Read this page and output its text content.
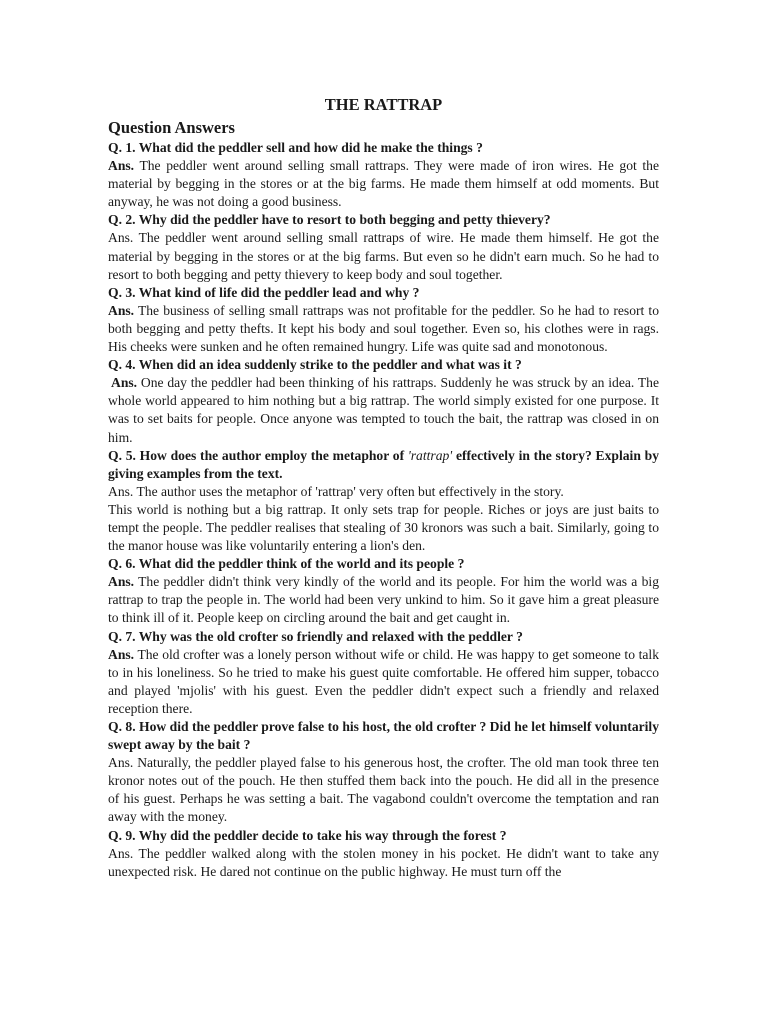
THE RATTRAP
Question Answers

Q. 1. What did the peddler sell and how did he make the things ?

Ans. The peddler went around selling small rattraps. They were made of iron wires. He got the material by begging in the stores or at the big farms. He made them himself at odd moments. But anyway, he was not doing a good business.

Q. 2. Why did the peddler have to resort to both begging and petty thievery?

Ans. The peddler went around selling small rattraps of wire. He made them himself. He got the material by begging in the stores or at the big farms. But even so he didn't earn much. So he had to resort to both begging and petty thievery to keep body and soul together.

Q. 3. What kind of life did the peddler lead and why ?

Ans. The business of selling small rattraps was not profitable for the peddler. So he had to resort to both begging and petty thefts. It kept his body and soul together. Even so, his clothes were in rags. His cheeks were sunken and he often remained hungry. Life was quite sad and monotonous.

Q. 4. When did an idea suddenly strike to the peddler and what was it ?

Ans. One day the peddler had been thinking of his rattraps. Suddenly he was struck by an idea. The whole world appeared to him nothing but a big rattrap. The world simply existed for one purpose. It was to set baits for people. Once anyone was tempted to touch the bait, the rattrap was closed in on him.

Q. 5. How does the author employ the metaphor of 'rattrap' effectively in the story? Explain by giving examples from the text.

Ans. The author uses the metaphor of 'rattrap' very often but effectively in the story.

This world is nothing but a big rattrap. It only sets trap for people. Riches or joys are just baits to tempt the people. The peddler realises that stealing of 30 kronors was such a bait. Similarly, going to the manor house was like voluntarily entering a lion's den.

Q. 6. What did the peddler think of the world and its people ?

Ans. The peddler didn't think very kindly of the world and its people. For him the world was a big rattrap to trap the people in. The world had been very unkind to him. So it gave him a great pleasure to think ill of it. People keep on circling around the bait and get caught in.

Q. 7. Why was the old crofter so friendly and relaxed with the peddler ?

Ans. The old crofter was a lonely person without wife or child. He was happy to get someone to talk to in his loneliness. So he tried to make his guest quite comfortable. He offered him supper, tobacco and played 'mjolis' with his guest. Even the peddler didn't expect such a friendly and relaxed reception there.

Q. 8. How did the peddler prove false to his host, the old crofter ? Did he let himself voluntarily swept away by the bait ?

Ans. Naturally, the peddler played false to his generous host, the crofter. The old man took three ten kronor notes out of the pouch. He then stuffed them back into the pouch. He did all in the presence of his guest. Perhaps he was setting a bait. The vagabond couldn't overcome the temptation and ran away with the money.

Q. 9. Why did the peddler decide to take his way through the forest ?

Ans. The peddler walked along with the stolen money in his pocket. He didn't want to take any unexpected risk. He dared not continue on the public highway. He must turn off the
